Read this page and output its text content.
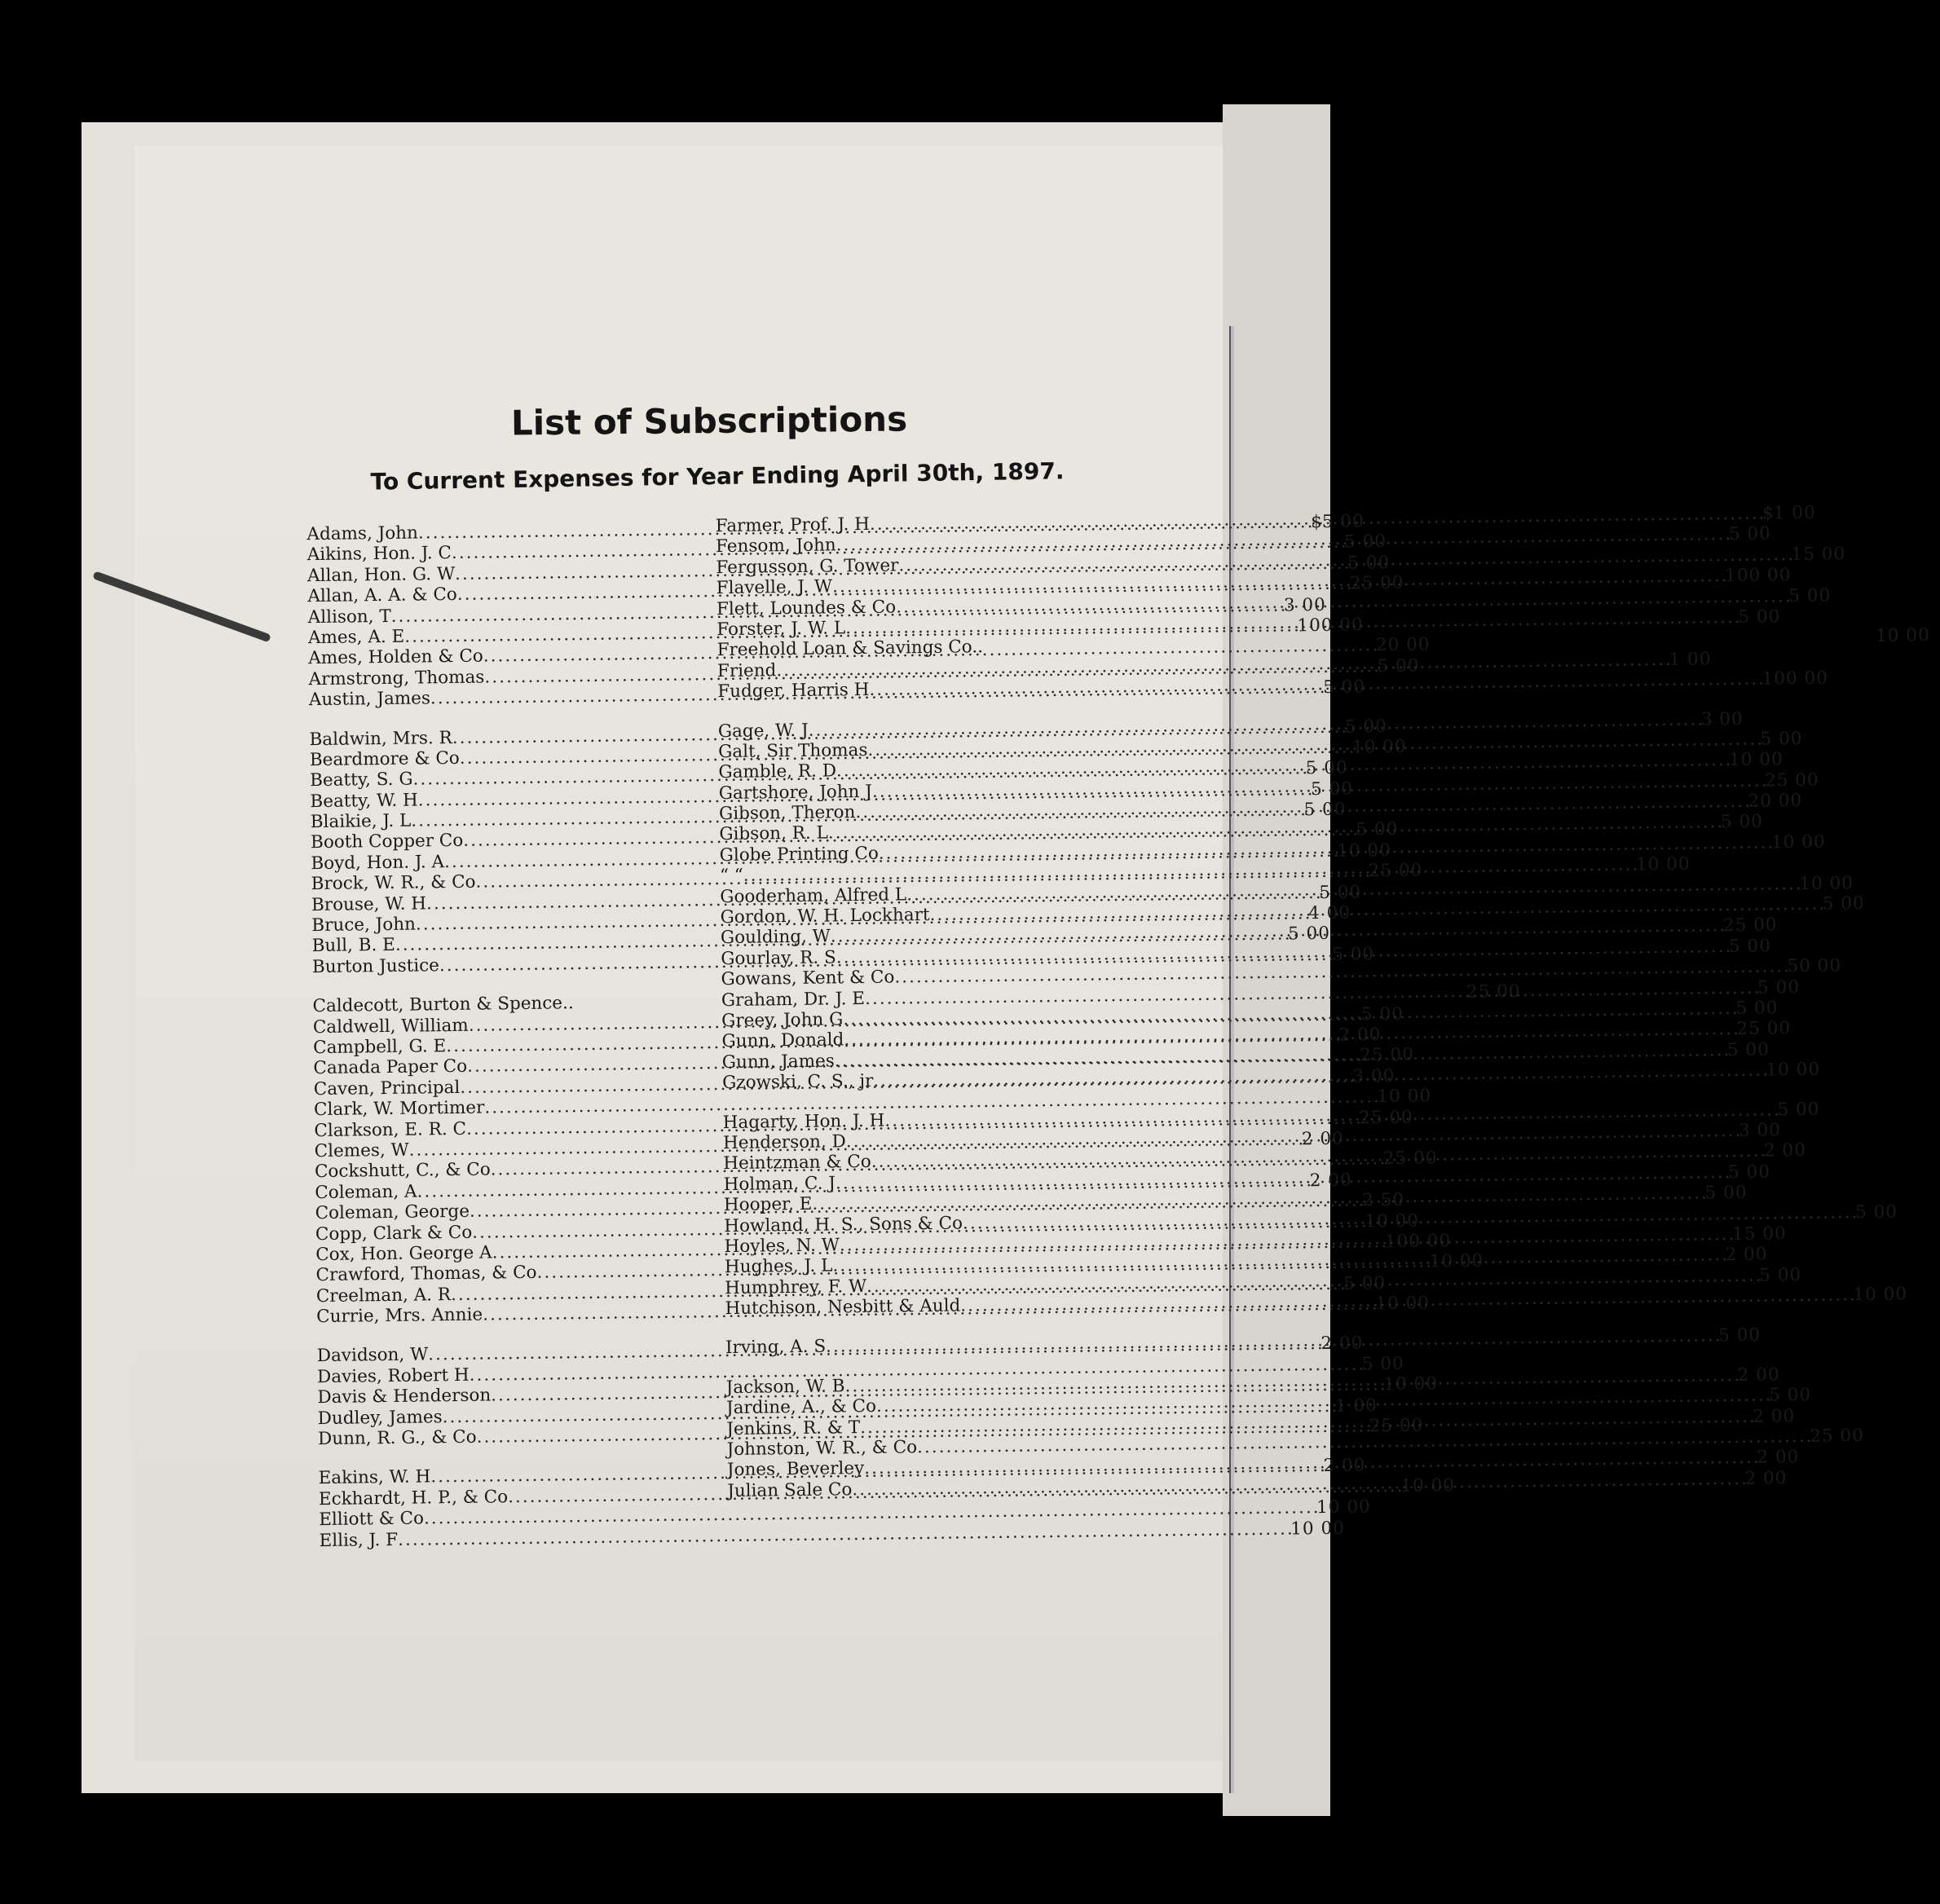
List of Subscriptions
To Current Expenses for Year Ending April 30th, 1897.
Adams, John
. . .
$ 5 00
Aikins, Hon. J. C
. . .
5 00
Allan, Hon. G. W
. . .
5 00
Allan, A. A. & Co
. . .
25 00
Allison, T
. . .
3 00
Ames, A. E
. . .
100 00
Ames, Holden & Co
. . .
20 00
Armstrong, Thomas
. . .
5 00
Austin, James
. . .
5 00
Baldwin, Mrs. R
. . .
5 00
Beardmore & Co
. . .
10 00
Beatty, S. G
. . .
5 00
Beatty, W. H
. . .
5 00
Blaikie, J. L
. . .
5 00
Booth Copper Co
. . .
5 00
Boyd, Hon. J. A
. . .
10 00
Brock, W. R., & Co
. . .
25 00
Brouse, W. H
. . .
5 00
Bruce, John
. . .
4 00
Bull, B. E
. . .
5 00
Burton Justice
. . .
5 00
Caldecott, Burton & Spence..
25 00
Caldwell, William
. . .
5 00
Campbell, G. E
. . .
2 00
Canada Paper Co
. . .
25 00
Caven, Principal
. . .
3 00
Clark, W. Mortimer
. . .
10 00
Clarkson, E. R. C
. . .
25 00
Clemes, W
. . .
2 00
Cockshutt, C., & Co
. . .
25 00
Coleman, A
. . .
2 00
Coleman, George
. . .
2 50
Copp, Clark & Co
. . .
10 00
Cox, Hon. George A
. . .
100 00
Crawford, Thomas, & Co
. . .
10 00
Creelman, A. R
. . .
5 00
Currie, Mrs. Annie
. . .
10 00
Davidson, W
. . .
2 00
Davies, Robert H
. . .
5 00
Davis & Henderson
. . .
10 00
Dudley, James
. . .
1 00
Dunn, R. G., & Co
. . .
25 00
Eakins, W. H
. . .
2 00
Eckhardt, H. P., & Co
. . .
10 00
Elliott & Co
. . .
10 00
Ellis, J. F
. . .
10 00
Farmer, Prof. J. H
. . .
$ 1 00
Fensom, John
. . .
5 00
Fergusson, G. Tower
. . .
15 00
Flavelle, J. W
. . .
100 00
Flett, Loundes & Co
. . .
5 00
Forster, J. W. L
. . .
5 00
Freehold Loan & Savings Co..
10 00
Friend
. . .
1 00
Fudger, Harris H
. . .
100 00
Gage, W. J
. . .
3 00
Galt, Sir Thomas
. . .
5 00
Gamble, R. D
. . .
10 00
Gartshore, John J
. . .
25 00
Gibson, Theron
. . .
20 00
Gibson, R. L
. . .
5 00
Globe Printing Co
. . .
10 00
“ “
. . .
10 00
Gooderham, Alfred L
. . .
10 00
Gordon, W. H. Lockhart
. . .
5 00
Goulding, W
. . .
25 00
Gourlay, R. S
. . .
5 00
Gowans, Kent & Co
. . .
50 00
Graham, Dr. J. E
. . .
5 00
Greey, John G
. . .
5 00
Gunn, Donald
. . .
25 00
Gunn, James
. . .
5 00
Gzowski, C. S., jr
. . .
10 00
Hagarty, Hon. J. H
. . .
5 00
Henderson, D
. . .
3 00
Heintzman & Co
. . .
2 00
Holman, C. J
. . .
5 00
Hooper, E
. . .
5 00
Howland, H. S., Sons & Co
. . .
5 00
Hoyles, N. W
. . .
15 00
Hughes, J. L
. . .
2 00
Humphrey, F. W
. . .
5 00
Hutchison, Nesbitt & Auld
. . .
10 00
Irving, A. S
. . .
5 00
Jackson, W. B
. . .
2 00
Jardine, A., & Co
. . .
5 00
Jenkins, R. & T
. . .
2 00
Johnston, W. R., & Co
. . .
25 00
Jones, Beverley
. . .
2 00
Julian Sale Co
. . .
2 00
